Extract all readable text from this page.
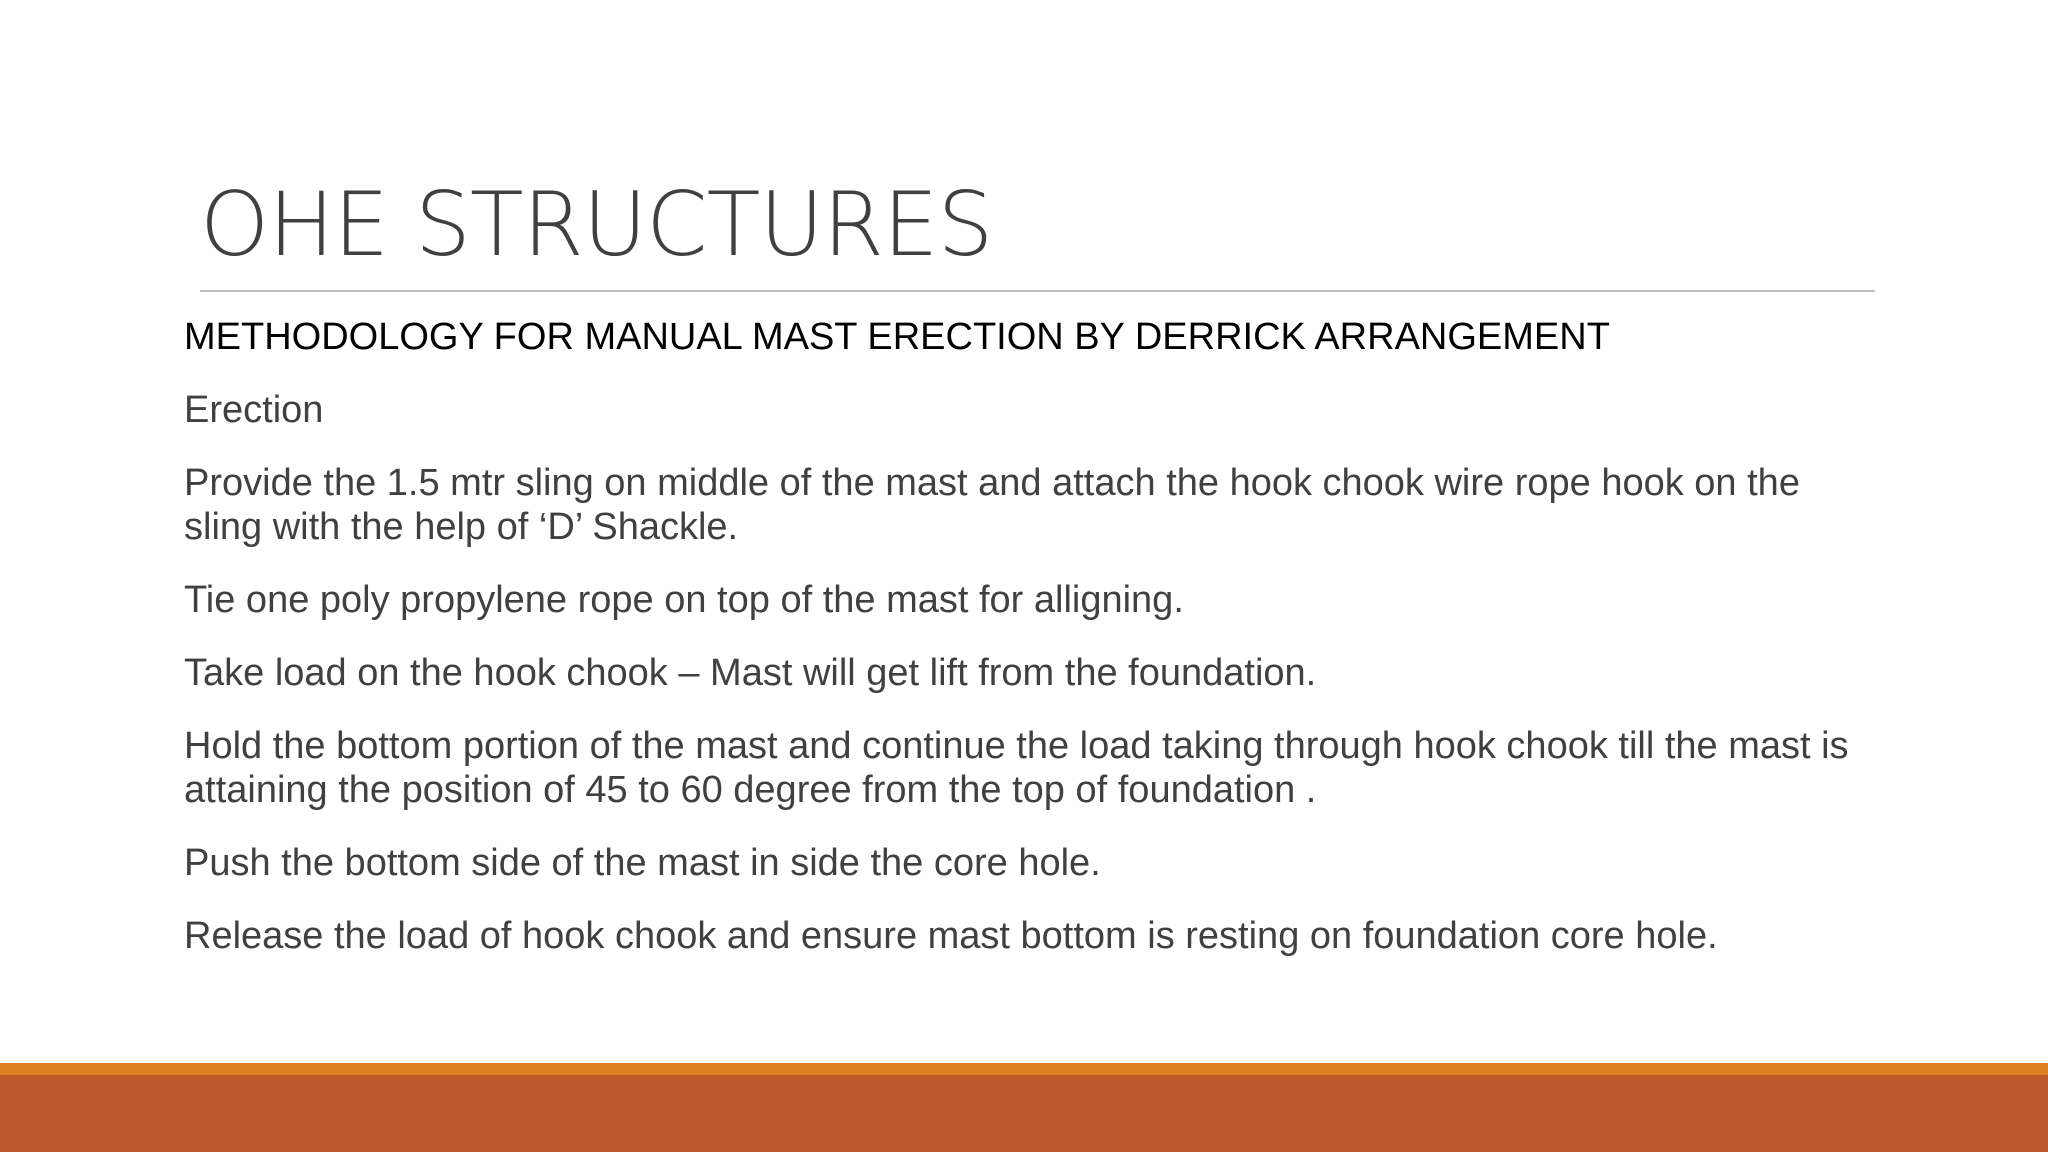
OHE STRUCTURES

METHODOLOGY FOR MANUAL MAST ERECTION BY DERRICK ARRANGEMENT

Erection

Provide the 1.5 mtr sling on middle of the mast and attach the hook chook wire rope hook on the sling with the help of ‘D’ Shackle.

Tie one poly propylene rope on top of the mast for alligning.

Take load on the hook chook – Mast will get lift from the foundation.

Hold the bottom portion of the mast and continue the load taking through hook chook till the mast is attaining the position of 45 to 60 degree from the top of foundation .

Push the bottom side of the mast in side the core hole.

Release the load of hook chook and ensure mast bottom is resting on foundation core hole.
